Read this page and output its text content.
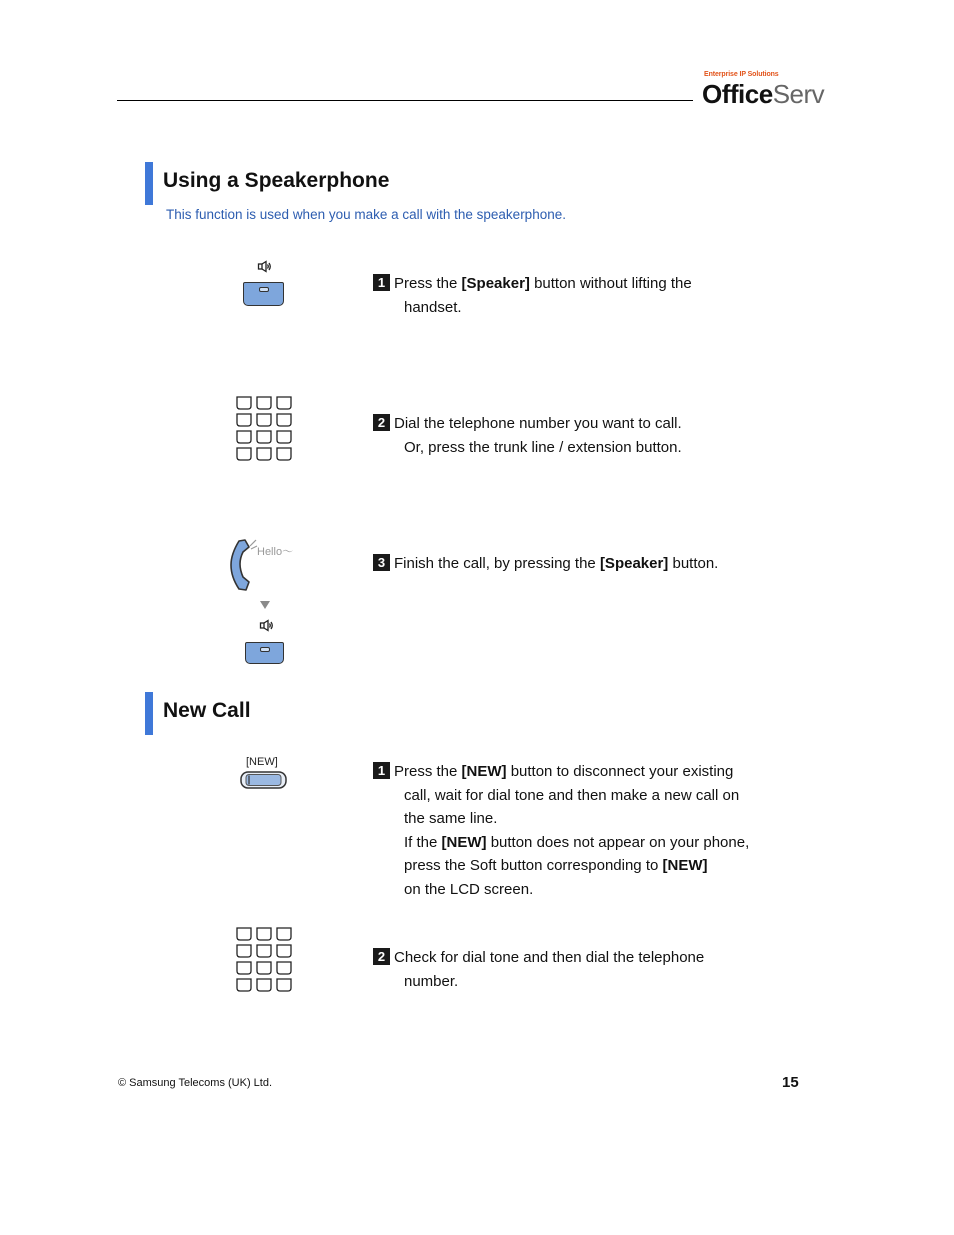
Enterprise IP Solutions
OfficeServ
Using a Speakerphone
This function is used when you make a call with the speakerphone.
1 Press the [Speaker] button without lifting the
handset.
2 Dial the telephone number you want to call.
Or, press the trunk line / extension button.
Hello～
3 Finish the call, by pressing the [Speaker] button.
New Call
[NEW]
1 Press the [NEW] button to disconnect your existing
call, wait for dial tone and then make a new call on
the same line.
If the [NEW] button does not appear on your phone,
press the Soft button corresponding to [NEW]
on the LCD screen.
2 Check for dial tone and then dial the telephone
number.
© Samsung Telecoms (UK) Ltd.	15
